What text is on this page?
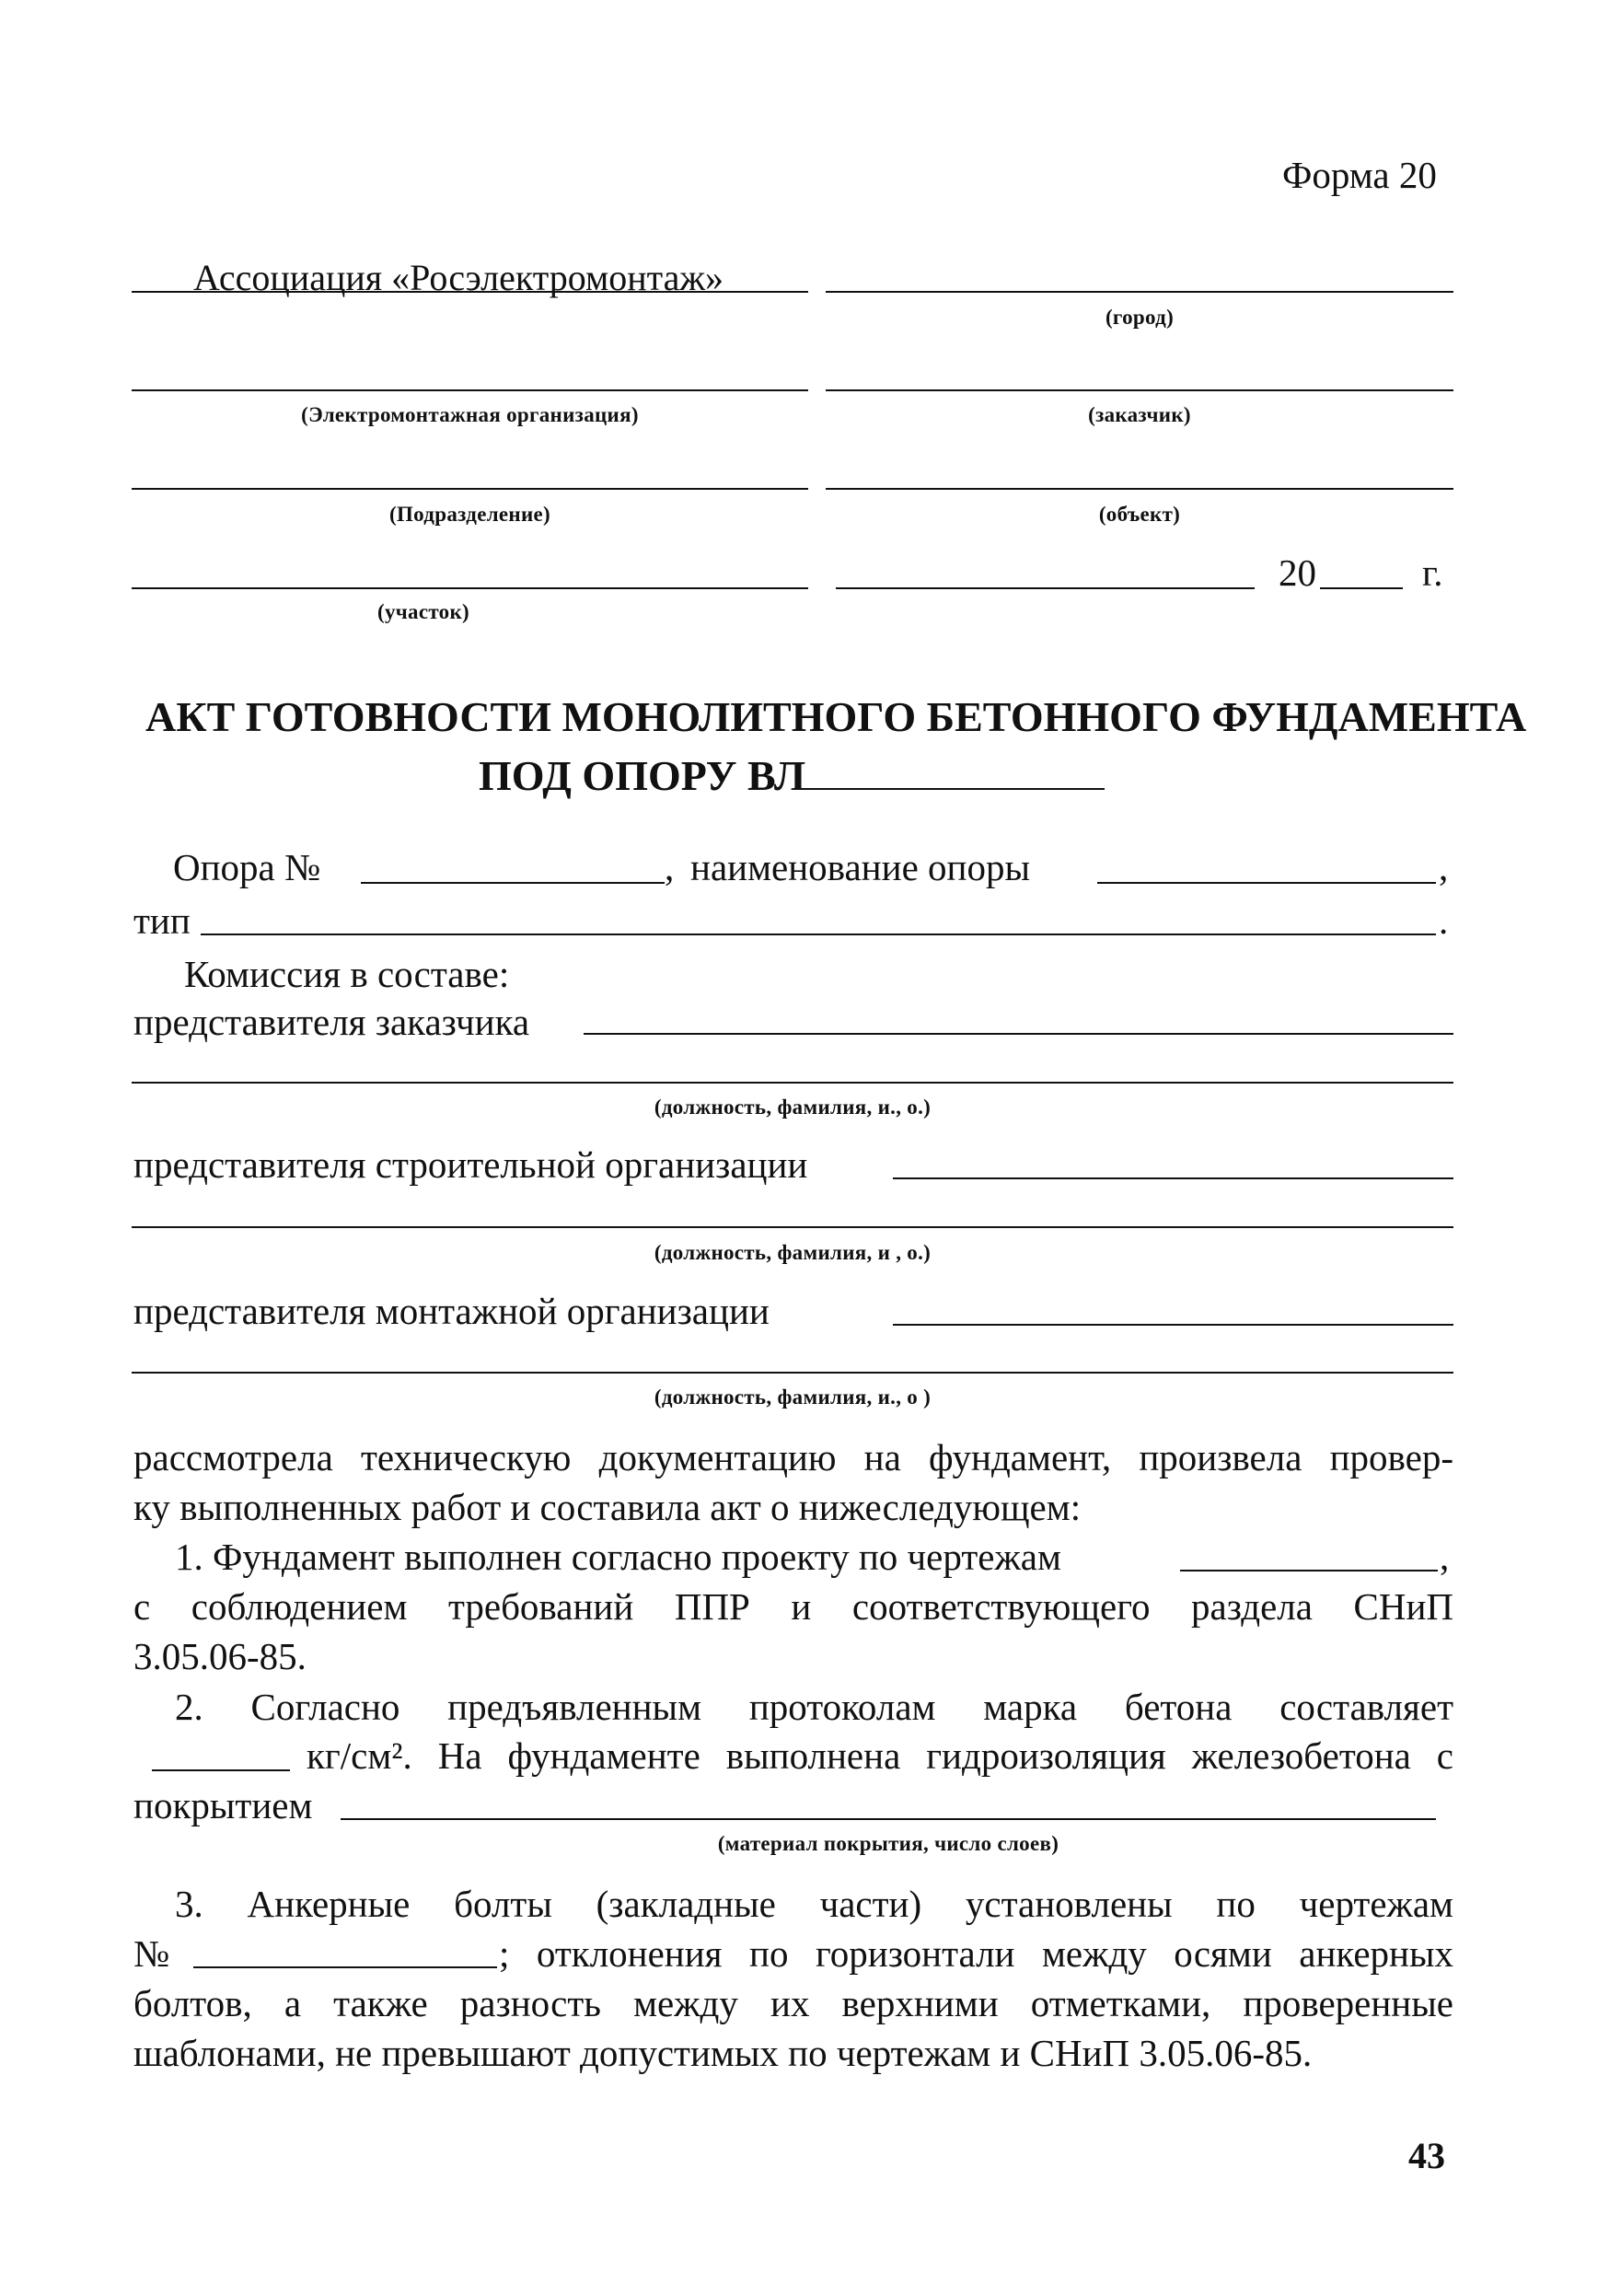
Форма 20
Ассоциация «Росэлектромонтаж»
(город)
(Электромонтажная организация)	(заказчик)
(Подразделение)	(объект)
20	г.
(участок)
АКТ ГОТОВНОСТИ МОНОЛИТНОГО БЕТОННОГО ФУНДАМЕНТА
ПОД ОПОРУ ВЛ
Опора №	, наименование опоры	,
тип	.
Комиссия в составе:
представителя заказчика
(должность, фамилия, и., о.)
представителя строительной организации
(должность, фамилия, и , о.)
представителя монтажной организации
(должность, фамилия, и., о )
рассмотрела техническую документацию на фундамент, произвела провер-
ку выполненных работ и составила акт о нижеследующем:
1. Фундамент выполнен согласно проекту по чертежам	,
с соблюдением требований ППР и соответствующего раздела СНиП
3.05.06-85.
2. Согласно предъявленным протоколам марка бетона составляет
кг/см². На фундаменте выполнена гидроизоляция железобетона с
покрытием
(материал покрытия, число слоев)
3. Анкерные болты (закладные части) установлены по чертежам
№	; отклонения по горизонтали между осями анкерных
болтов, а также разность между их верхними отметками, проверенные
шаблонами, не превышают допустимых по чертежам и СНиП 3.05.06-85.
43
